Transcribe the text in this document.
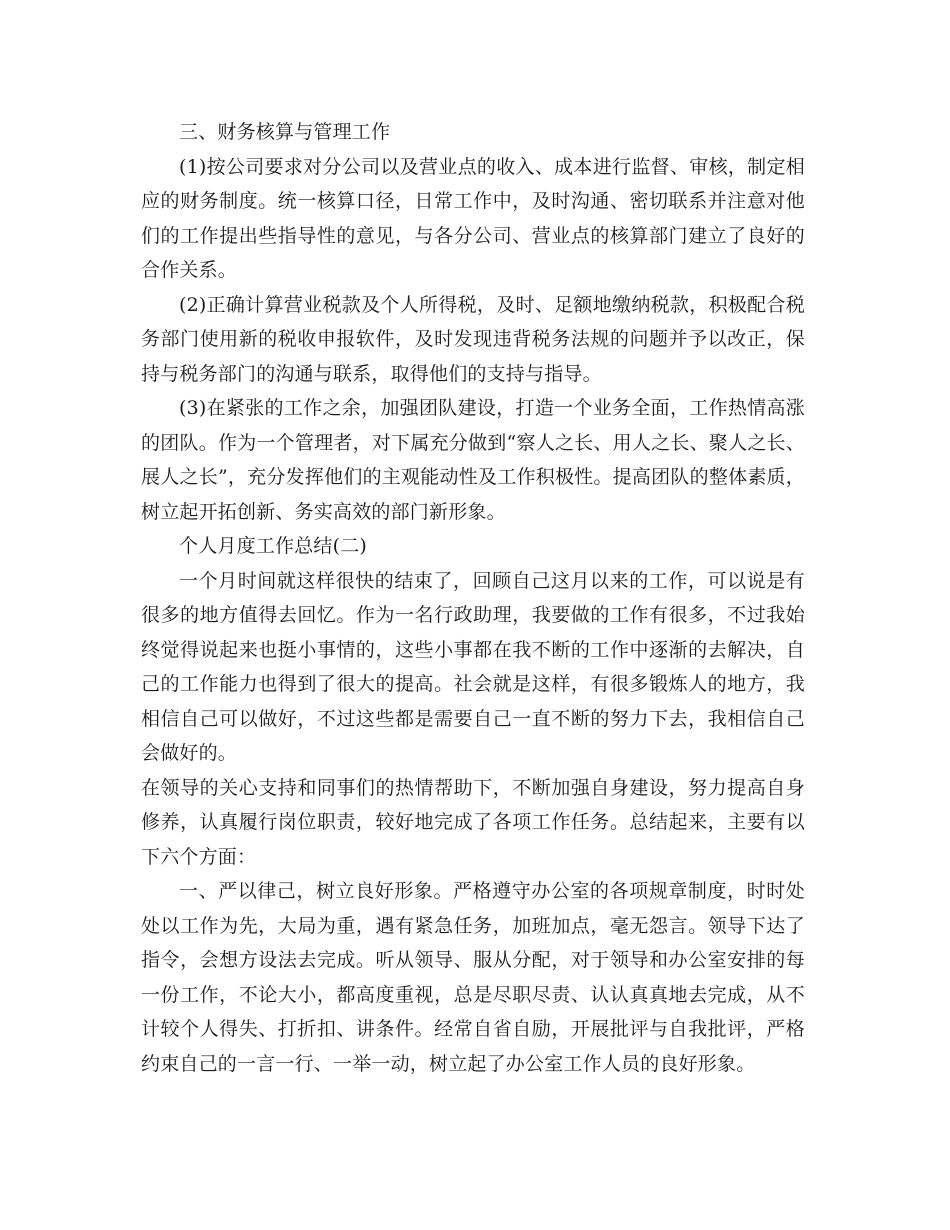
三、财务核算与管理工作

(1)按公司要求对分公司以及营业点的收入、成本进行监督、审核，制定相应的财务制度。统一核算口径，日常工作中，及时沟通、密切联系并注意对他们的工作提出些指导性的意见，与各分公司、营业点的核算部门建立了良好的合作关系。

(2)正确计算营业税款及个人所得税，及时、足额地缴纳税款，积极配合税务部门使用新的税收申报软件，及时发现违背税务法规的问题并予以改正，保持与税务部门的沟通与联系，取得他们的支持与指导。

(3)在紧张的工作之余，加强团队建设，打造一个业务全面，工作热情高涨的团队。作为一个管理者，对下属充分做到“察人之长、用人之长、聚人之长、展人之长”，充分发挥他们的主观能动性及工作积极性。提高团队的整体素质，树立起开拓创新、务实高效的部门新形象。

个人月度工作总结(二)

一个月时间就这样很快的结束了，回顾自己这月以来的工作，可以说是有很多的地方值得去回忆。作为一名行政助理，我要做的工作有很多，不过我始终觉得说起来也挺小事情的，这些小事都在我不断的工作中逐渐的去解决，自己的工作能力也得到了很大的提高。社会就是这样，有很多锻炼人的地方，我相信自己可以做好，不过这些都是需要自己一直不断的努力下去，我相信自己会做好的。

在领导的关心支持和同事们的热情帮助下，不断加强自身建设，努力提高自身修养，认真履行岗位职责，较好地完成了各项工作任务。总结起来，主要有以下六个方面：

一、严以律己，树立良好形象。严格遵守办公室的各项规章制度，时时处处以工作为先，大局为重，遇有紧急任务，加班加点，毫无怨言。领导下达了指令，会想方设法去完成。听从领导、服从分配，对于领导和办公室安排的每一份工作，不论大小，都高度重视，总是尽职尽责、认认真真地去完成，从不计较个人得失、打折扣、讲条件。经常自省自励，开展批评与自我批评，严格约束自己的一言一行、一举一动，树立起了办公室工作人员的良好形象。
